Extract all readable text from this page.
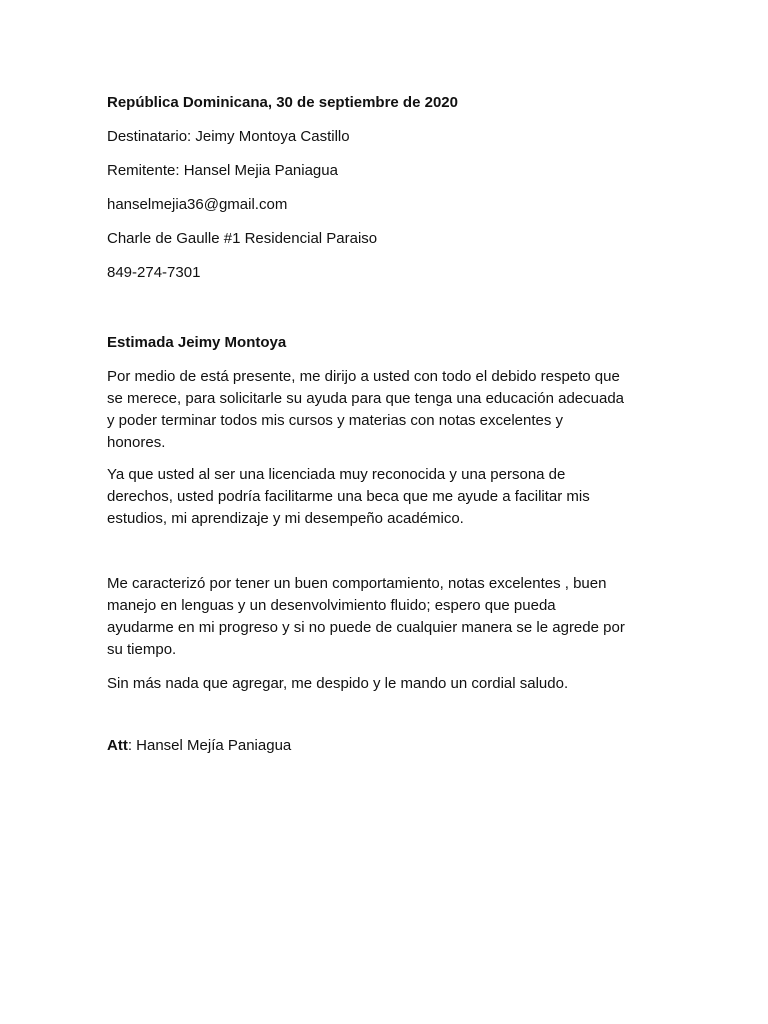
República Dominicana, 30 de septiembre de 2020
Destinatario: Jeimy Montoya Castillo
Remitente: Hansel Mejia Paniagua
hanselmejia36@gmail.com
Charle de Gaulle #1 Residencial Paraiso
849-274-7301
Estimada Jeimy Montoya
Por medio de está presente, me dirijo a usted con todo el debido respeto que
se merece, para solicitarle su ayuda para que tenga una educación adecuada
y poder terminar todos mis cursos y materias con notas excelentes y
honores.
Ya que usted al ser una licenciada muy reconocida y una persona de
derechos, usted podría facilitarme una beca que me ayude a facilitar mis
estudios, mi aprendizaje y mi desempeño académico.
Me caracterizó por tener un buen comportamiento, notas excelentes , buen
manejo en lenguas y un desenvolvimiento fluido; espero que pueda
ayudarme en mi progreso y si no puede de cualquier manera se le agrede por
su tiempo.
Sin más nada que agregar, me despido y le mando un cordial saludo.
Att: Hansel Mejía Paniagua
